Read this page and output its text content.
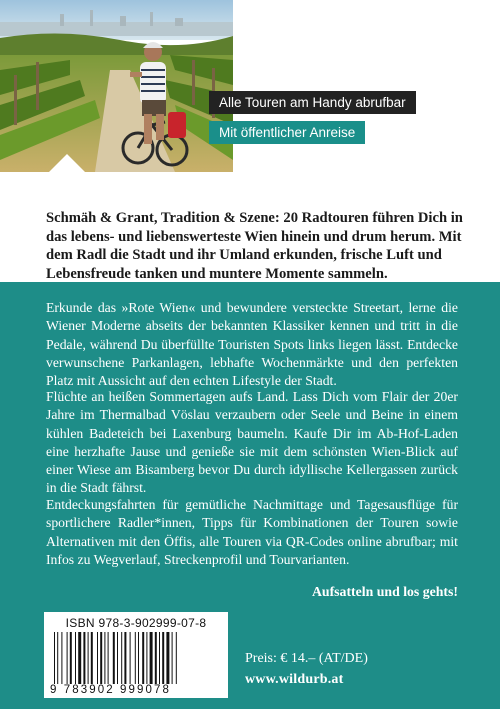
Alle Touren am Handy abrufbar
Mit öffentlicher Anreise
Schmäh & Grant, Tradition & Szene: 20 Radtouren führen Dich in das lebens- und liebenswerteste Wien hinein und drum herum. Mit dem Radl die Stadt und ihr Umland erkunden, frische Luft und Lebensfreude tanken und muntere Momente sammeln.

Erkunde das »Rote Wien« und bewundere versteckte Streetart, lerne die Wiener Moderne abseits der bekannten Klassiker kennen und tritt in die Pedale, während Du überfüllte Touristen Spots links liegen lässt. Entdecke verwunschene Parkanlagen, lebhafte Wochenmärkte und den perfekten Platz mit Aussicht auf den echten Lifestyle der Stadt.

Flüchte an heißen Sommertagen aufs Land. Lass Dich vom Flair der 20er Jahre im Thermalbad Vöslau verzaubern oder Seele und Beine in einem kühlen Badeteich bei Laxenburg baumeln. Kaufe Dir im Ab-Hof-Laden eine herzhafte Jause und genieße sie mit dem schönsten Wien-Blick auf einer Wiese am Bisamberg bevor Du durch idyllische Kellergassen zurück in die Stadt fährst.

Entdeckungsfahrten für gemütliche Nachmittage und Tagesausflüge für sportlichere Radler*innen, Tipps für Kombinationen der Touren sowie Alternativen mit den Öffis, alle Touren via QR-Codes online abrufbar; mit Infos zu Wegverlauf, Streckenprofil und Tourvarianten.

Aufsatteln und los gehts!
ISBN 978-3-902999-07-8
9 783902 999078
Preis: € 14.– (AT/DE)
www.wildurb.at
